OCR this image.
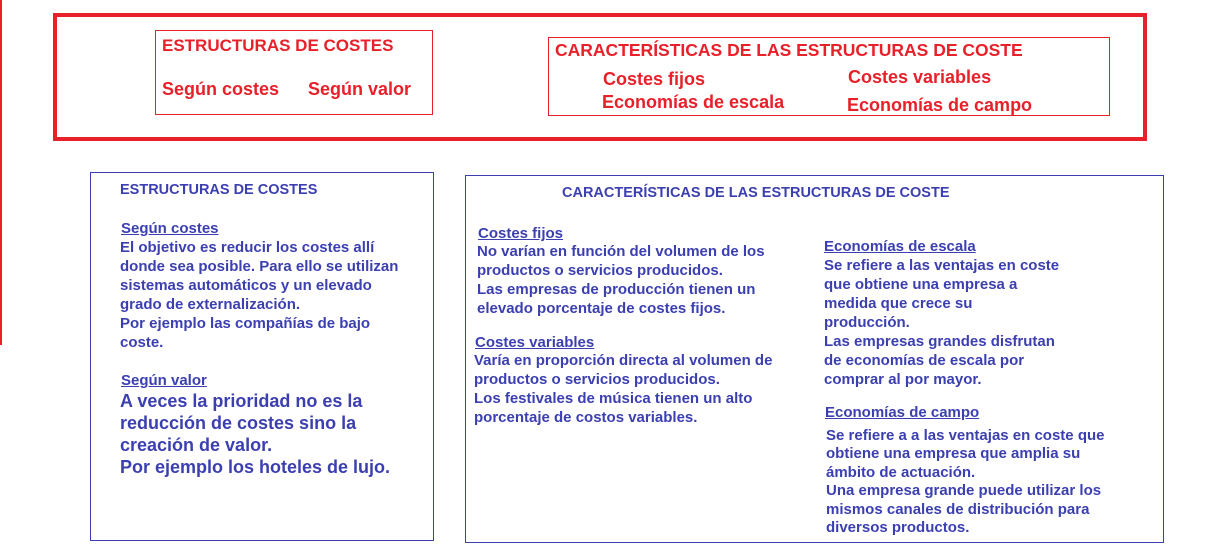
ESTRUCTURAS DE COSTES
Según costes Según valor
CARACTERÍSTICAS DE LAS ESTRUCTURAS DE COSTE
Costes fijos	Costes variables
Economías de escala	Economías de campo
ESTRUCTURAS DE COSTES
Según costes
El objetivo es reducir los costes allí
donde sea posible. Para ello se utilizan
sistemas automáticos y un elevado
grado de externalización.
Por ejemplo las compañías de bajo
coste.
Según valor
A veces la prioridad no es la
reducción de costes sino la
creación de valor.
Por ejemplo los hoteles de lujo.
CARACTERÍSTICAS DE LAS ESTRUCTURAS DE COSTE
Costes fijos
No varían en función del volumen de los
productos o servicios producidos.
Las empresas de producción tienen un
elevado porcentaje de costes fijos.
Costes variables
Varía en proporción directa al volumen de
productos o servicios producidos.
Los festivales de música tienen un alto
porcentaje de costos variables.
Economías de escala
Se refiere a las ventajas en coste
que obtiene una empresa a
medida que crece su
producción.
Las empresas grandes disfrutan
de economías de escala por
comprar al por mayor.
Economías de campo
Se refiere a a las ventajas en coste que
obtiene una empresa que amplia su
ámbito de actuación.
Una empresa grande puede utilizar los
mismos canales de distribución para
diversos productos.
